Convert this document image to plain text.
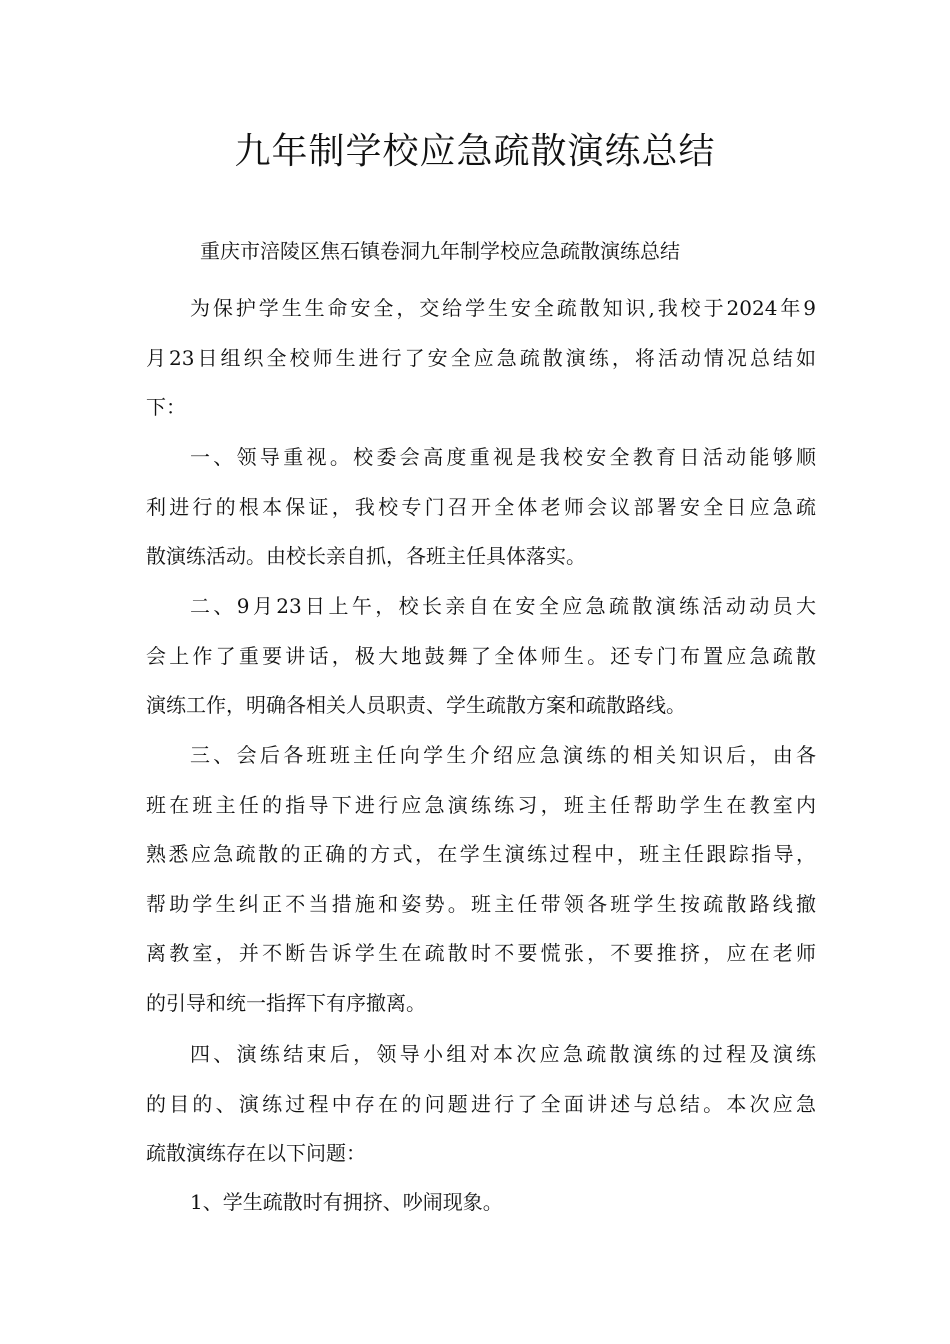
九年制学校应急疏散演练总结

重庆市涪陵区焦石镇卷洞九年制学校应急疏散演练总结

为保护学生生命安全，交给学生安全疏散知识,我校于2024年9
月23日组织全校师生进行了安全应急疏散演练，将活动情况总结如
下：
一、领导重视。校委会高度重视是我校安全教育日活动能够顺
利进行的根本保证，我校专门召开全体老师会议部署安全日应急疏
散演练活动。由校长亲自抓，各班主任具体落实。
二、9月23日上午，校长亲自在安全应急疏散演练活动动员大
会上作了重要讲话，极大地鼓舞了全体师生。还专门布置应急疏散
演练工作，明确各相关人员职责、学生疏散方案和疏散路线。
三、会后各班班主任向学生介绍应急演练的相关知识后，由各
班在班主任的指导下进行应急演练练习，班主任帮助学生在教室内
熟悉应急疏散的正确的方式，在学生演练过程中，班主任跟踪指导，
帮助学生纠正不当措施和姿势。班主任带领各班学生按疏散路线撤
离教室，并不断告诉学生在疏散时不要慌张，不要推挤，应在老师
的引导和统一指挥下有序撤离。
四、演练结束后，领导小组对本次应急疏散演练的过程及演练
的目的、演练过程中存在的问题进行了全面讲述与总结。本次应急
疏散演练存在以下问题：
1、学生疏散时有拥挤、吵闹现象。
